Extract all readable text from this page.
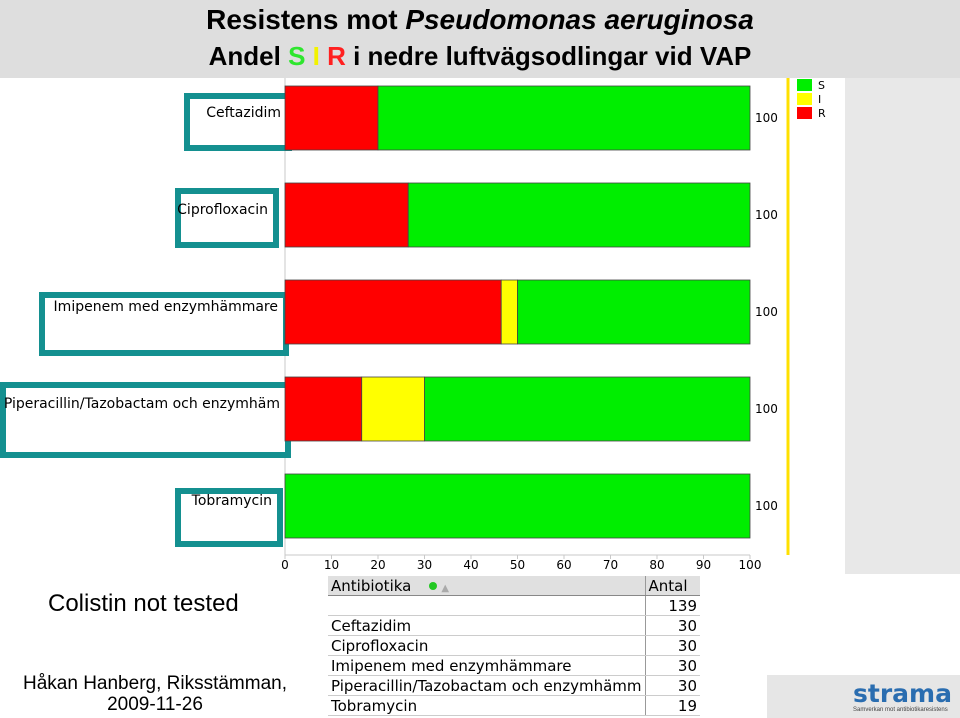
Resistens mot Pseudomonas aeruginosa
Andel S I R i nedre luftvägsodlingar vid VAP
0	10	20	30	40	50	60	70	80	90 100
Ceftazidim
Ciprofloxacin
Imipenem med enzymhämmare
Piperacillin/Tazobactam och enzymhäm
Tobramycin
100
100
100
100
100
S
I
R
Colistin not tested
Håkan Hanberg, Riksstämman,
2009-11-26
Antibiotika ▲	Antal
	139
Ceftazidim	30
Ciprofloxacin	30
Imipenem med enzymhämmare	30
Piperacillin/Tazobactam och enzymhämm	30
Tobramycin	19	strama
Samverkan mot antibiotikaresistens
